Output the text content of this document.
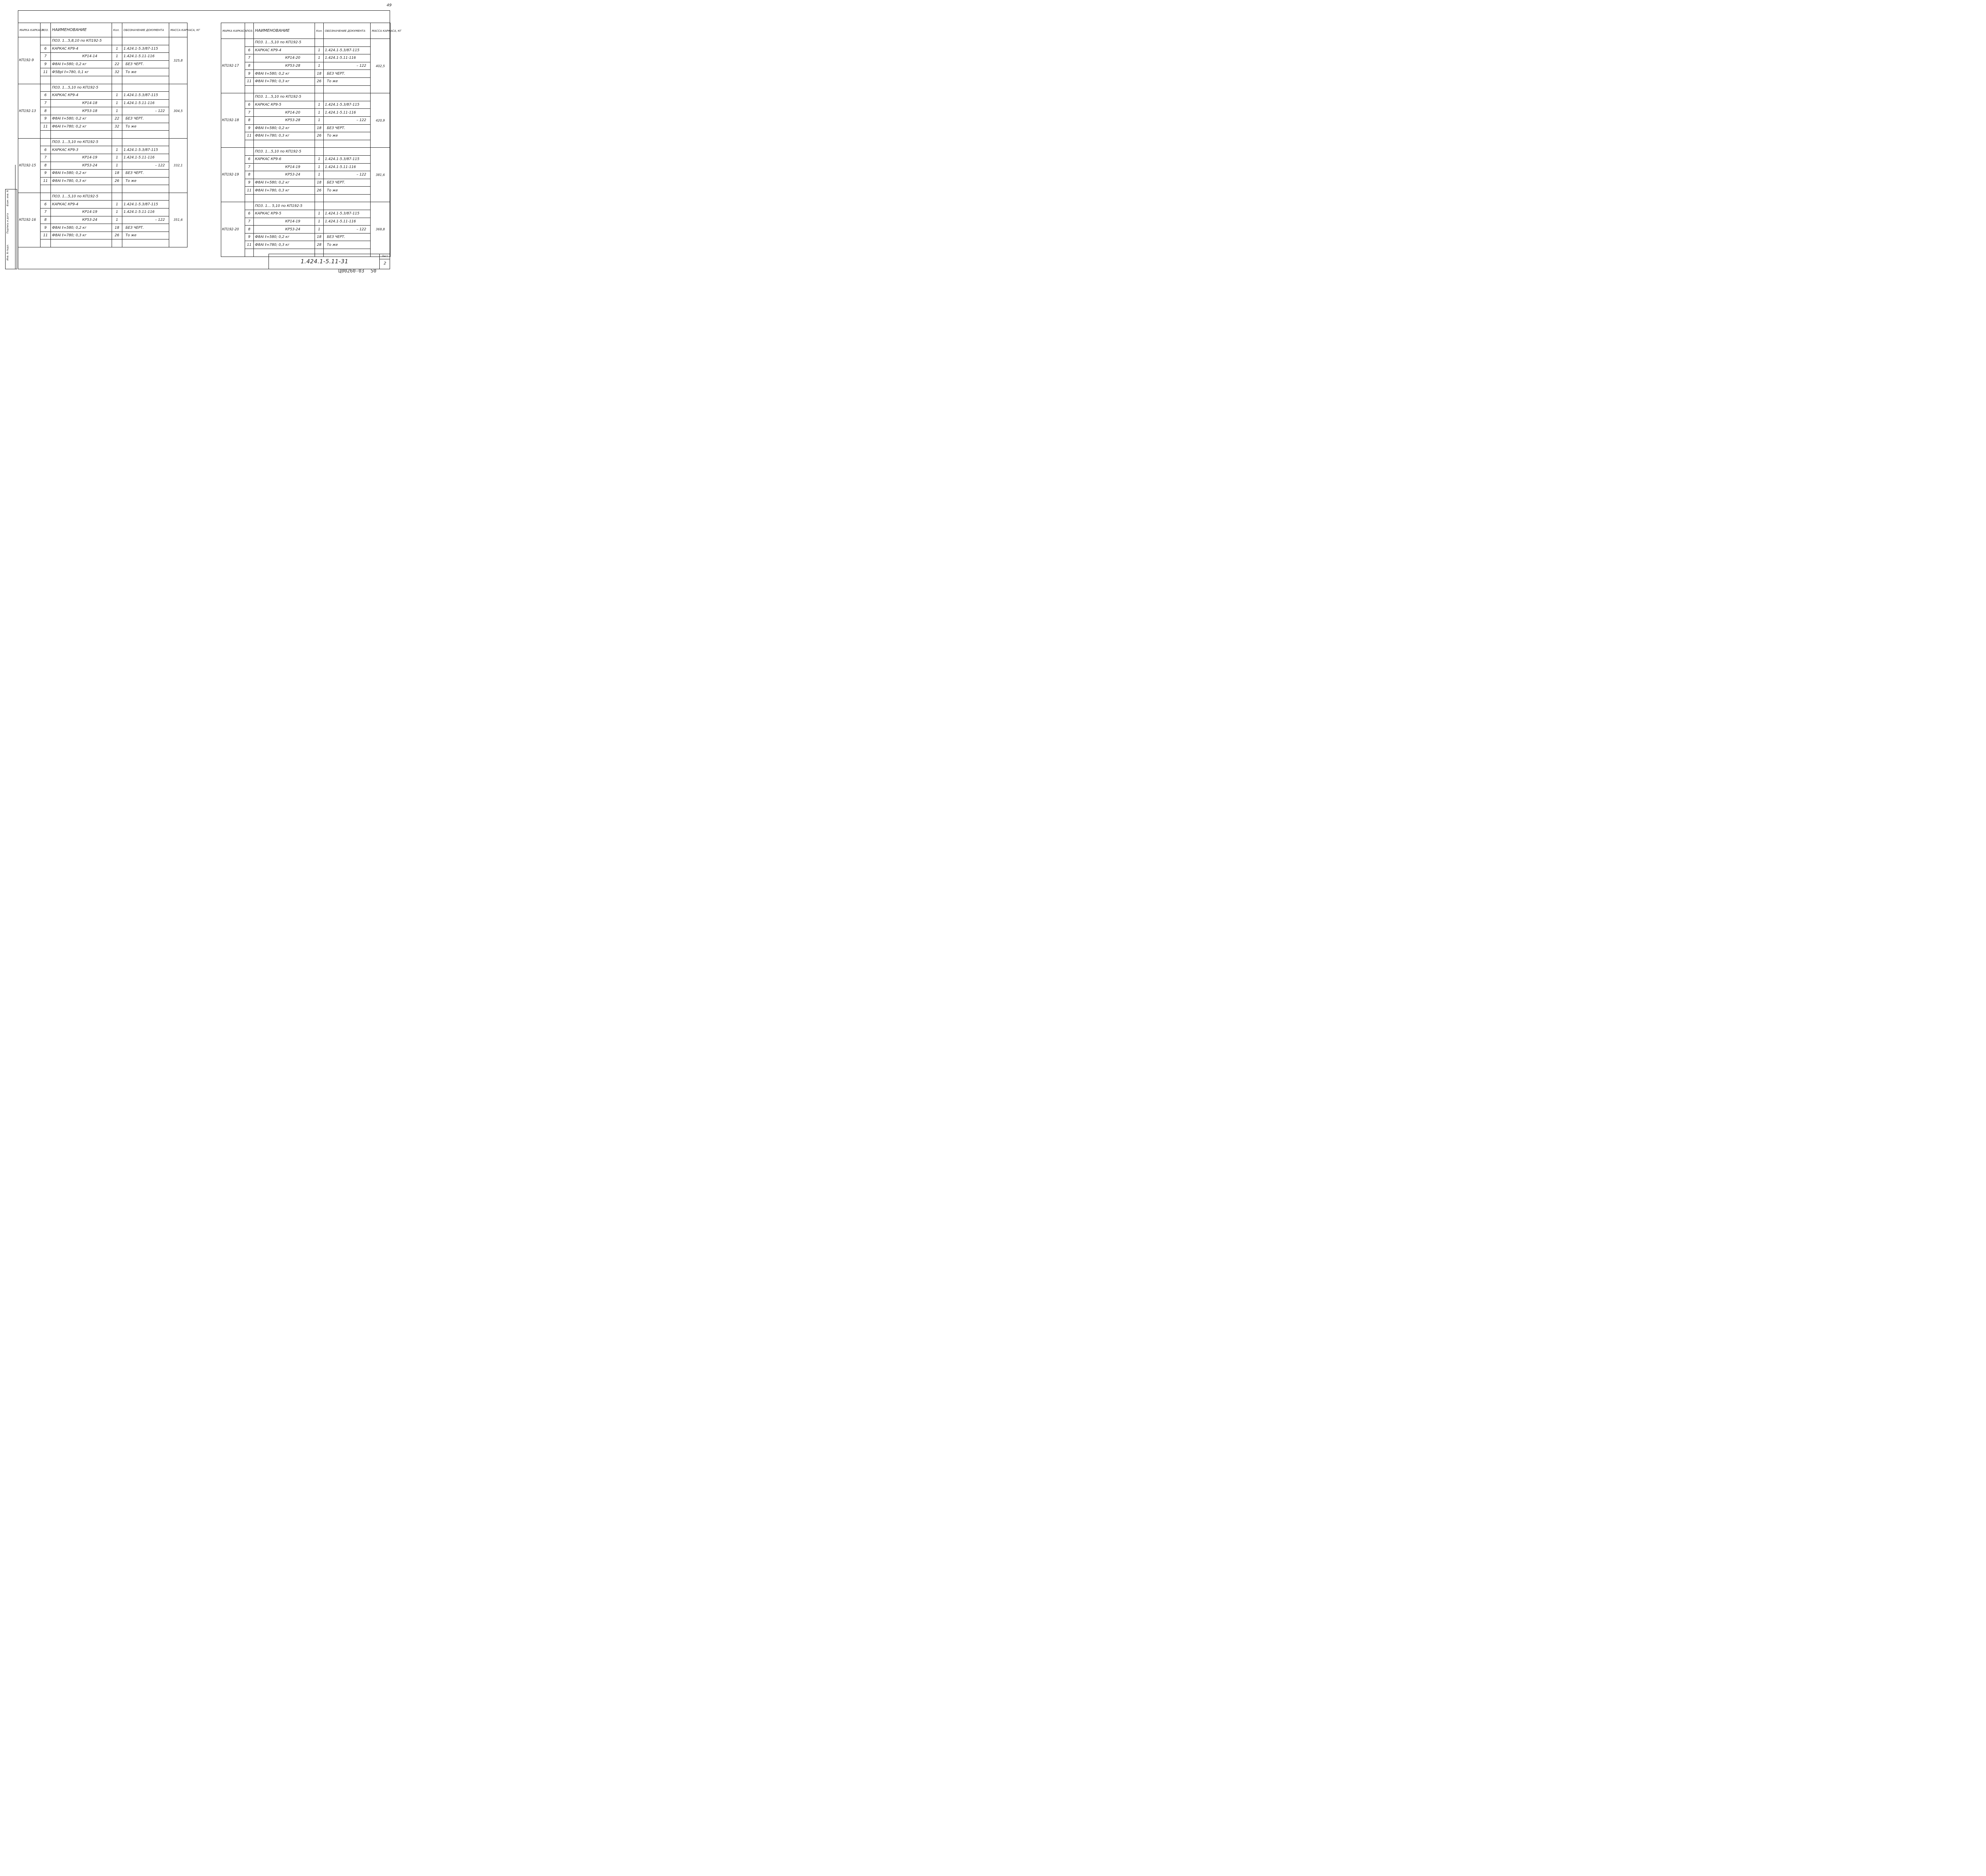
49
Инв. N подл.
Подпись и дата
Взам. инв. N
МАРКА КАРКАСА	ПОЗ.	НАИМЕНОВАНИЕ	Кол.	ОБОЗНАЧЕНИЕ ДОКУМЕНТА	МАССА КАРКАСА, КГ
КП192-9		ПОЗ. 1…5,8,10 по КП192-5			325,8
	6	КАРКАС КР9-4	1	1.424.1-5.3/87-115	
	7	КР14-14	1	1.424.1-5.11-116	
	9	Ф8АI ℓ=580; 0,2 кг	22	БЕЗ ЧЕРТ.	
	11	Ф5ВрI ℓ=780, 0,1 кг	32	То же	

КП192-13		ПОЗ. 1…5,10 по КП192-5			304,5
	6	КАРКАС КР9-4	1	1.424.1-5.3/87-115	
	7	КР14-18	1	1.424.1-5.11-116	
	8	КР53-18	1	– 122	
	9	Ф8АI ℓ=580; 0,2 кг	22	БЕЗ ЧЕРТ.	
	11	Ф6АI ℓ=780; 0,2 кг	32	То же	

КП192-15		ПОЗ. 1…5,10 по КП192-5			332,1
	6	КАРКАС КР9-3	1	1.424.1-5.3/87-115	
	7	КР14-19	1	1.424.1-5.11-116	
	8	КР53-24	1	– 122	
	9	Ф8АI ℓ=580; 0,2 кг	18	БЕЗ ЧЕРТ.	
	11	Ф8АI ℓ=780, 0,3 кг	26	То же	

КП192-16		ПОЗ. 1…5,10 по КП192-5			351,6
	6	КАРКАС КР9-4	1	1.424.1-5.3/87-115	
	7	КР14-19	1	1.424.1-5.11-116	
	8	КР53-24	1	– 122	
	9	Ф8АI ℓ=580; 0,2 кг	18	БЕЗ ЧЕРТ.	
	11	Ф8АI ℓ=780; 0,3 кг	26	То же	

МАРКА КАРКАСА	ПОЗ.	НАИМЕНОВАНИЕ	Кол.	ОБОЗНАЧЕНИЕ ДОКУМЕНТА	МАССА КАРКАСА, КГ
КП192-17		ПОЗ. 1…5,10 по КП192-5			402,5
	6	КАРКАС КР9-4	1	1.424.1-5.3/87-115	
	7	КР14-20	1	1.424.1-5.11-116	
	8	КР53-28	1	– 122	
	9	Ф8АI ℓ=580; 0,2 кг	18	БЕЗ ЧЕРТ.	
	11	Ф8АI ℓ=780; 0,3 кг	26	То же	

КП192-18		ПОЗ. 1…5,10 по КП192-5			420,9
	6	КАРКАС КР9-5	1	1.424.1-5.3/87-115	
	7	КР14-20	1	1.424.1-5.11-116	
	8	КР53-28	1	– 122	
	9	Ф8АI ℓ=580; 0,2 кг	18	БЕЗ ЧЕРТ.	
	11	Ф8АI ℓ=780; 0,3 кг	26	То же	

КП192-19		ПОЗ. 1…5,10 по КП192-5			381,6
	6	КАРКАС КР9-6	1	1.424.1-5.3/87-115	
	7	КР14-19	1	1.424.1-5.11-116	
	8	КР53-24	1	– 122	
	9	Ф8АI ℓ=580; 0,2 кг	18	БЕЗ ЧЕРТ.	
	11	Ф8АI ℓ=780, 0,3 кг	26	То же	

КП192-20		ПОЗ. 1… 5,10 по КП192-5			369,8
	6	КАРКАС КР9-5	1	1.424.1-5.3/87-115	
	7	КР14-19	1	1.424.1-5.11-116	
	8	КР53-24	1	– 122	
	9	Ф8АI ℓ=580; 0,2 кг	18	БЕЗ ЧЕРТ.	
	11	Ф8АI ℓ=780; 0,3 кг	28	То же	

1.424.1-5.11-31
Лист
2
Ц00260-03 50
